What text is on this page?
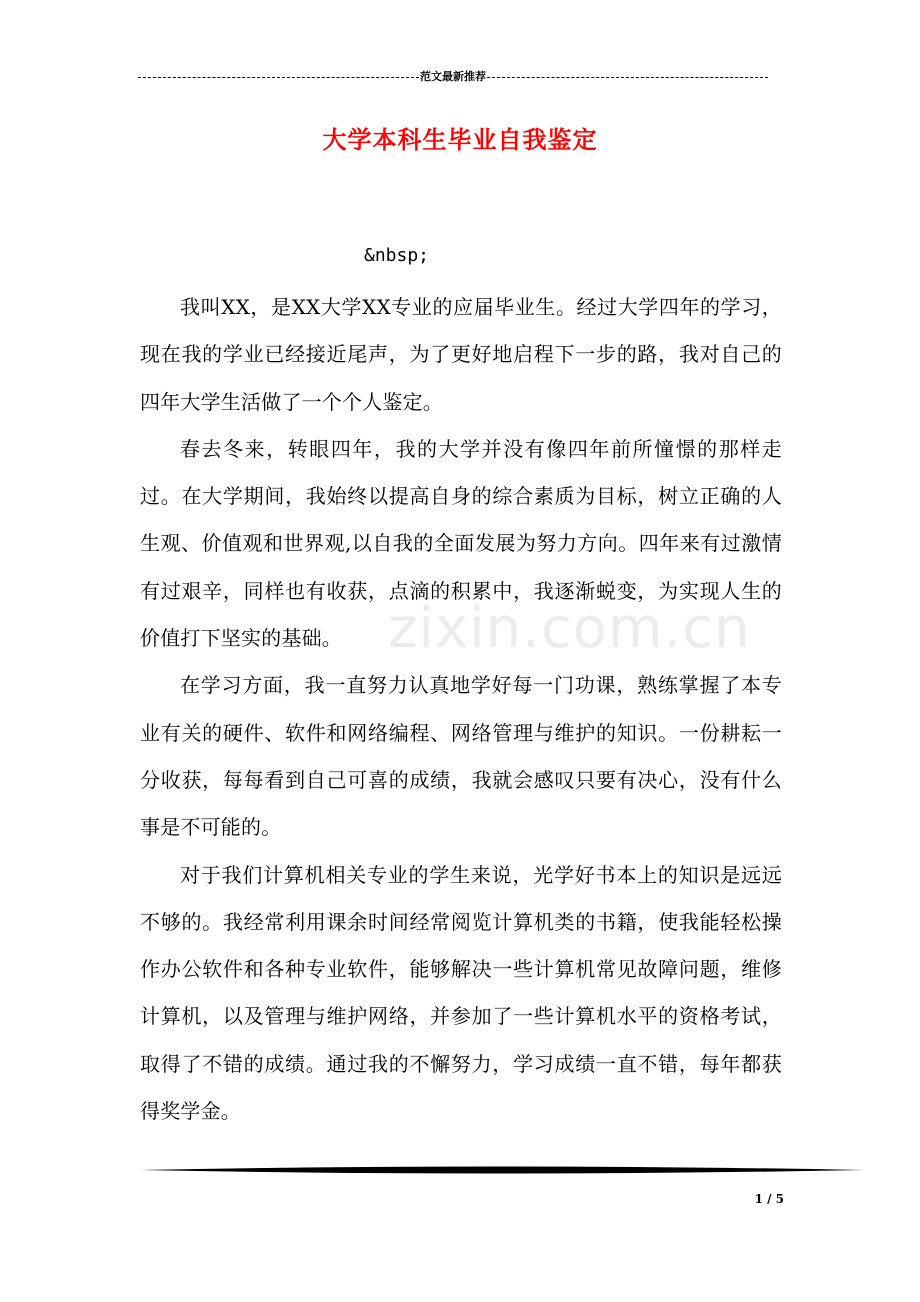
范文最新推荐
大学本科生毕业自我鉴定
&nbsp;

我叫XX，是XX大学XX专业的应届毕业生。经过大学四年的学习，现在我的学业已经接近尾声，为了更好地启程下一步的路，我对自己的四年大学生活做了一个个人鉴定。

春去冬来，转眼四年，我的大学并没有像四年前所憧憬的那样走过。在大学期间，我始终以提高自身的综合素质为目标，树立正确的人生观、价值观和世界观,以自我的全面发展为努力方向。四年来有过激情有过艰辛，同样也有收获，点滴的积累中，我逐渐蜕变，为实现人生的价值打下坚实的基础。

在学习方面，我一直努力认真地学好每一门功课，熟练掌握了本专业有关的硬件、软件和网络编程、网络管理与维护的知识。一份耕耘一分收获，每每看到自己可喜的成绩，我就会感叹只要有决心，没有什么事是不可能的。

对于我们计算机相关专业的学生来说，光学好书本上的知识是远远不够的。我经常利用课余时间经常阅览计算机类的书籍，使我能轻松操作办公软件和各种专业软件，能够解决一些计算机常见故障问题，维修计算机，以及管理与维护网络，并参加了一些计算机水平的资格考试，取得了不错的成绩。通过我的不懈努力，学习成绩一直不错，每年都获得奖学金。

zixin.com.cn
1 / 5
